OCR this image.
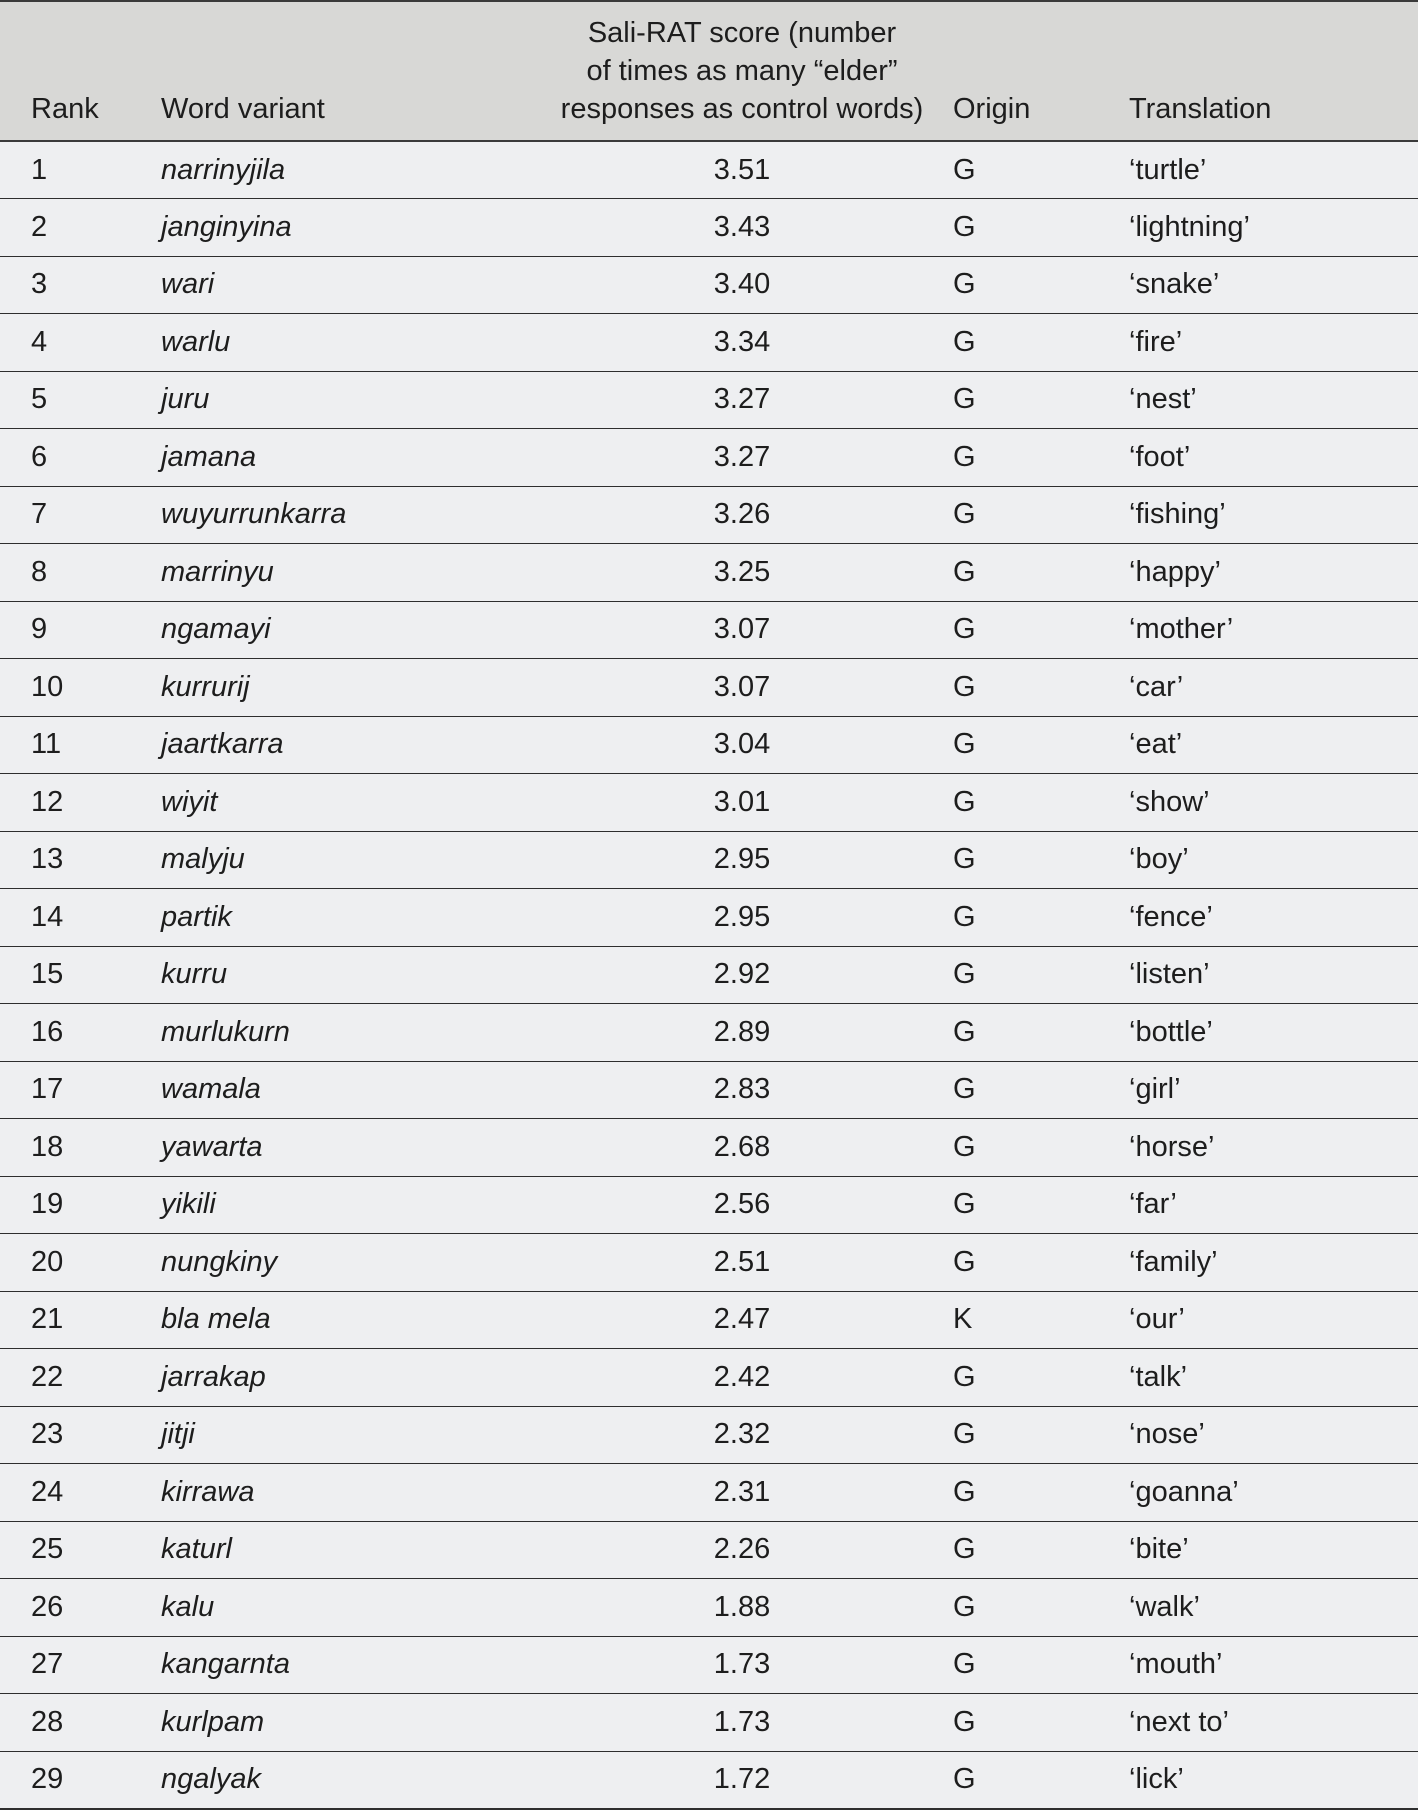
Rank	Word variant	Sali-RAT score (number
of times as many “elder”
responses as control words)	Origin	Translation
1	narrinyjila	3.51	G	‘turtle’
2	janginyina	3.43	G	‘lightning’
3	wari	3.40	G	‘snake’
4	warlu	3.34	G	‘fire’
5	juru	3.27	G	‘nest’
6	jamana	3.27	G	‘foot’
7	wuyurrunkarra	3.26	G	‘fishing’
8	marrinyu	3.25	G	‘happy’
9	ngamayi	3.07	G	‘mother’
10	kurrurij	3.07	G	‘car’
11	jaartkarra	3.04	G	‘eat’
12	wiyit	3.01	G	‘show’
13	malyju	2.95	G	‘boy’
14	partik	2.95	G	‘fence’
15	kurru	2.92	G	‘listen’
16	murlukurn	2.89	G	‘bottle’
17	wamala	2.83	G	‘girl’
18	yawarta	2.68	G	‘horse’
19	yikili	2.56	G	‘far’
20	nungkiny	2.51	G	‘family’
21	bla mela	2.47	K	‘our’
22	jarrakap	2.42	G	‘talk’
23	jitji	2.32	G	‘nose’
24	kirrawa	2.31	G	‘goanna’
25	katurl	2.26	G	‘bite’
26	kalu	1.88	G	‘walk’
27	kangarnta	1.73	G	‘mouth’
28	kurlpam	1.73	G	‘next to’
29	ngalyak	1.72	G	‘lick’
